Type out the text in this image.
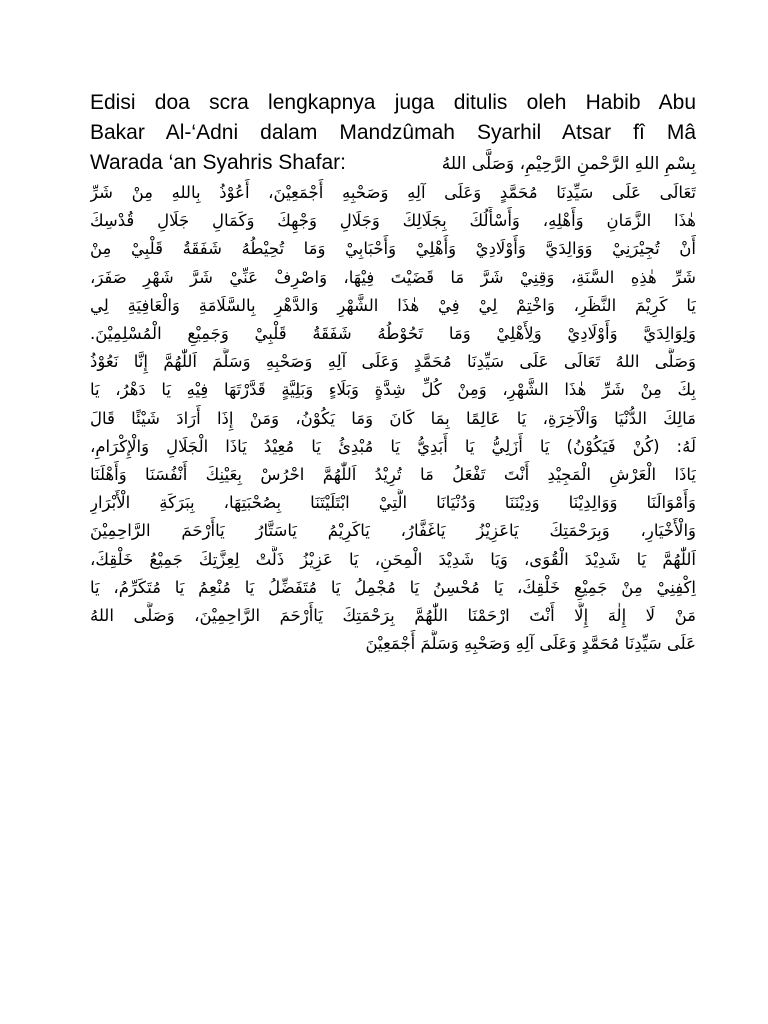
Edisi doa scra lengkapnya juga ditulis oleh Habib Abu

Bakar Al-‘Adni dalam Mandzûmah Syarhil Atsar fî Mâ

Warada ‘an Syahris Shafar:	بِسْمِ اللهِ الرَّحْمنِ الرَّحِيْمِ، وَصَلَّى اللهُ
تَعَالَى عَلَى سَيِّدِنَا مُحَمَّدٍ وَعَلَى آلِهِ وَصَحْبِهِ أَجْمَعِيْنَ، أَعُوْذُ بِاللهِ مِنْ شَرِّ
هٰذَا الزَّمَانِ وَأَهْلِهِ، وَأَسْأَلُكَ بِجَلَالِكَ وَجَلَالِ وَجْهِكَ وَكَمَالِ جَلَالِ قُدْسِكَ
أَنْ تُجِيْرَنِيْ وَوَالِدَيَّ وَأَوْلَادِيْ وَأَهْلِيْ وَأَحْبَابِيْ وَمَا تُحِيْطُهُ شَفَقَةُ قَلْبِيْ مِنْ
شَرِّ هٰذِهِ السَّنَةِ، وَقِنِيْ شَرَّ مَا قَضَيْتَ فِيْهَا، وَاصْرِفْ عَنِّيْ شَرَّ شَهْرِ صَفَرَ،
يَا كَرِيْمَ النَّظَرِ، وَاخْتِمْ لِيْ فِيْ هٰذَا الشَّهْرِ وَالدَّهْرِ بِالسَّلَامَةِ وَالْعَافِيَةِ لِي
وَلِوَالِدَيَّ وَأَوْلَادِيْ وَلِأَهْلِيْ وَمَا تَحُوْطُهُ شَفَقَةُ قَلْبِيْ وَجَمِيْعِ الْمُسْلِمِيْنَ.
وَصَلَّى اللهُ تَعَالَى عَلَى سَيِّدِنَا مُحَمَّدٍ وَعَلَى آلِهِ وَصَحْبِهِ وَسَلَّمَ اَللّٰهُمَّ إِنَّا نَعُوْذُ
بِكَ مِنْ شَرِّ هٰذَا الشَّهْرِ، وَمِنْ كُلِّ شِدَّةٍ وَبَلَاءٍ وَبَلِيَّةٍ قَدَّرْتَهَا فِيْهِ يَا دَهْرُ، يَا
مَالِكَ الدُّنْيَا وَالْآخِرَةِ، يَا عَالِمًا بِمَا كَانَ وَمَا يَكُوْنُ، وَمَنْ إِذَا أَرَادَ شَيْئًا قَالَ
لَهُ: (كُنْ فَيَكُوْنُ) يَا أَزَلِيُّ يَا أَبَدِيُّ يَا مُبْدِئُ يَا مُعِيْدُ يَاذَا الْجَلَالِ وَالْإِكْرَامِ،
يَاذَا الْعَرْشِ الْمَجِيْدِ أَنْتَ تَفْعَلُ مَا تُرِيْدُ اَللّٰهُمَّ احْرُسْ بِعَيْنِكَ أَنْفُسَنَا وَأَهْلَنَا
وَأَمْوَالَنَا وَوَالِدِيْنَا وَدِيْنَنَا وَدُنْيَانَا الَّتِيْ ابْتَلَيْتَنَا بِصُحْبَتِهَا، بِبَرَكَةِ الْأَبْرَارِ
وَالْأَخْيَارِ، وَبِرَحْمَتِكَ يَاعَزِيْزُ يَاغَفَّارُ، يَاكَرِيْمُ يَاسَتَّارُ يَاأَرْحَمَ الرَّاحِمِيْنَ
اَللّٰهُمَّ يَا شَدِيْدَ الْقُوَى، وَيَا شَدِيْدَ الْمِحَنِ، يَا عَزِيْزُ ذَلَّتْ لِعِزَّتِكَ جَمِيْعُ خَلْقِكَ،
اِكْفِنِيْ مِنْ جَمِيْعِ خَلْقِكَ، يَا مُحْسِنُ يَا مُجْمِلُ يَا مُتَفَضِّلُ يَا مُنْعِمُ يَا مُتَكَرِّمُ، يَا
مَنْ لَا إِلٰهَ إِلَّا أَنْتَ ارْحَمْنَا اللّٰهُمَّ بِرَحْمَتِكَ يَاأَرْحَمَ الرَّاحِمِيْنَ، وَصَلَّى اللهُ
عَلَى سَيِّدِنَا مُحَمَّدٍ وَعَلَى آلِهِ وَصَحْبِهِ وَسَلَّمَ أَجْمَعِيْنَ
